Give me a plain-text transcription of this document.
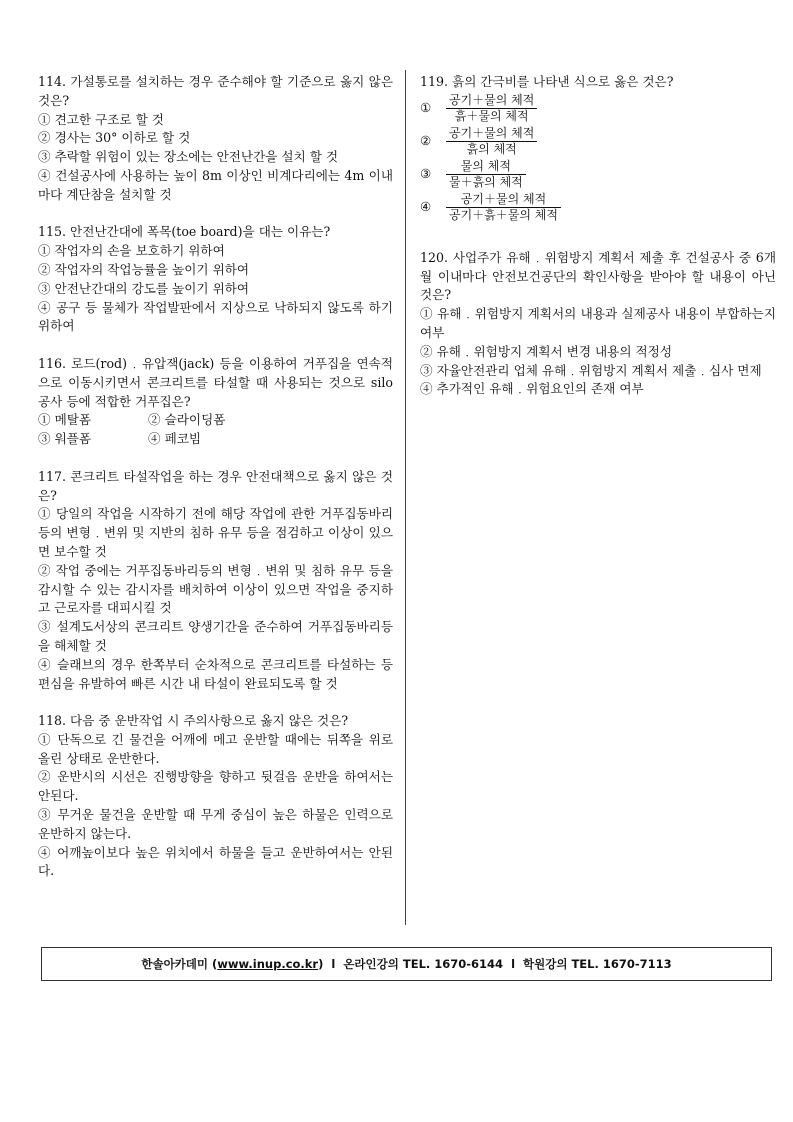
114. 가설통로를 설치하는 경우 준수해야 할 기준으로 옳지 않은 것은?
① 견고한 구조로 할 것
② 경사는 30° 이하로 할 것
③ 추락할 위험이 있는 장소에는 안전난간을 설치 할 것
④ 건설공사에 사용하는 높이 8m 이상인 비계다리에는 4m 이내마다 계단참을 설치할 것
115. 안전난간대에 폭목(toe board)을 대는 이유는?
① 작업자의 손을 보호하기 위하여
② 작업자의 작업능률을 높이기 위하여
③ 안전난간대의 강도를 높이기 위하여
④ 공구 등 물체가 작업발판에서 지상으로 낙하되지 않도록 하기 위하여
116. 로드(rod)﹒유압잭(jack) 등을 이용하여 거푸집을 연속적으로 이동시키면서 콘크리트를 타설할 때 사용되는 것으로 silo 공사 등에 적합한 거푸집은?
① 메탈폼	② 슬라이딩폼
③ 워플폼	④ 페코빔
117. 콘크리트 타설작업을 하는 경우 안전대책으로 옳지 않은 것은?
① 당일의 작업을 시작하기 전에 해당 작업에 관한 거푸집동바리등의 변형﹒변위 및 지반의 침하 유무 등을 점검하고 이상이 있으면 보수할 것
② 작업 중에는 거푸집동바리등의 변형﹒변위 및 침하 유무 등을 감시할 수 있는 감시자를 배치하여 이상이 있으면 작업을 중지하고 근로자를 대피시킬 것
③ 설계도서상의 콘크리트 양생기간을 준수하여 거푸집동바리등을 해체할 것
④ 슬래브의 경우 한쪽부터 순차적으로 콘크리트를 타설하는 등 편심을 유발하여 빠른 시간 내 타설이 완료되도록 할 것
118. 다음 중 운반작업 시 주의사항으로 옳지 않은 것은?
① 단독으로 긴 물건을 어깨에 메고 운반할 때에는 뒤쪽을 위로 올린 상태로 운반한다.
② 운반시의 시선은 진행방향을 향하고 뒷걸음 운반을 하여서는 안된다.
③ 무거운 물건을 운반할 때 무게 중심이 높은 하물은 인력으로 운반하지 않는다.
④ 어깨높이보다 높은 위치에서 하물을 들고 운반하여서는 안된다.
119. 흙의 간극비를 나타낸 식으로 옳은 것은?
① $\frac{\text{공기＋물의 체적}}{\text{흙＋물의 체적}}$
② $\frac{\text{공기＋물의 체적}}{\text{흙의 체적}}$
③ $\frac{\text{물의 체적}}{\text{물＋흙의 체적}}$
④ $\frac{\text{공기＋물의 체적}}{\text{공기＋흙＋물의 체적}}$
120. 사업주가 유해﹒위험방지 계획서 제출 후 건설공사 중 6개월 이내마다 안전보건공단의 확인사항을 받아야 할 내용이 아닌 것은?
① 유해﹒위험방지 계획서의 내용과 실제공사 내용이 부합하는지 여부
② 유해﹒위험방지 계획서 변경 내용의 적정성
③ 자율안전관리 업체 유해﹒위험방지 계획서 제출﹒심사 면제
④ 추가적인 유해﹒위험요인의 존재 여부
한솔아카데미 ( www.inup.co.kr )  l  온라인강의 TEL. 1670-6144  l  학원강의 TEL. 1670-7113
